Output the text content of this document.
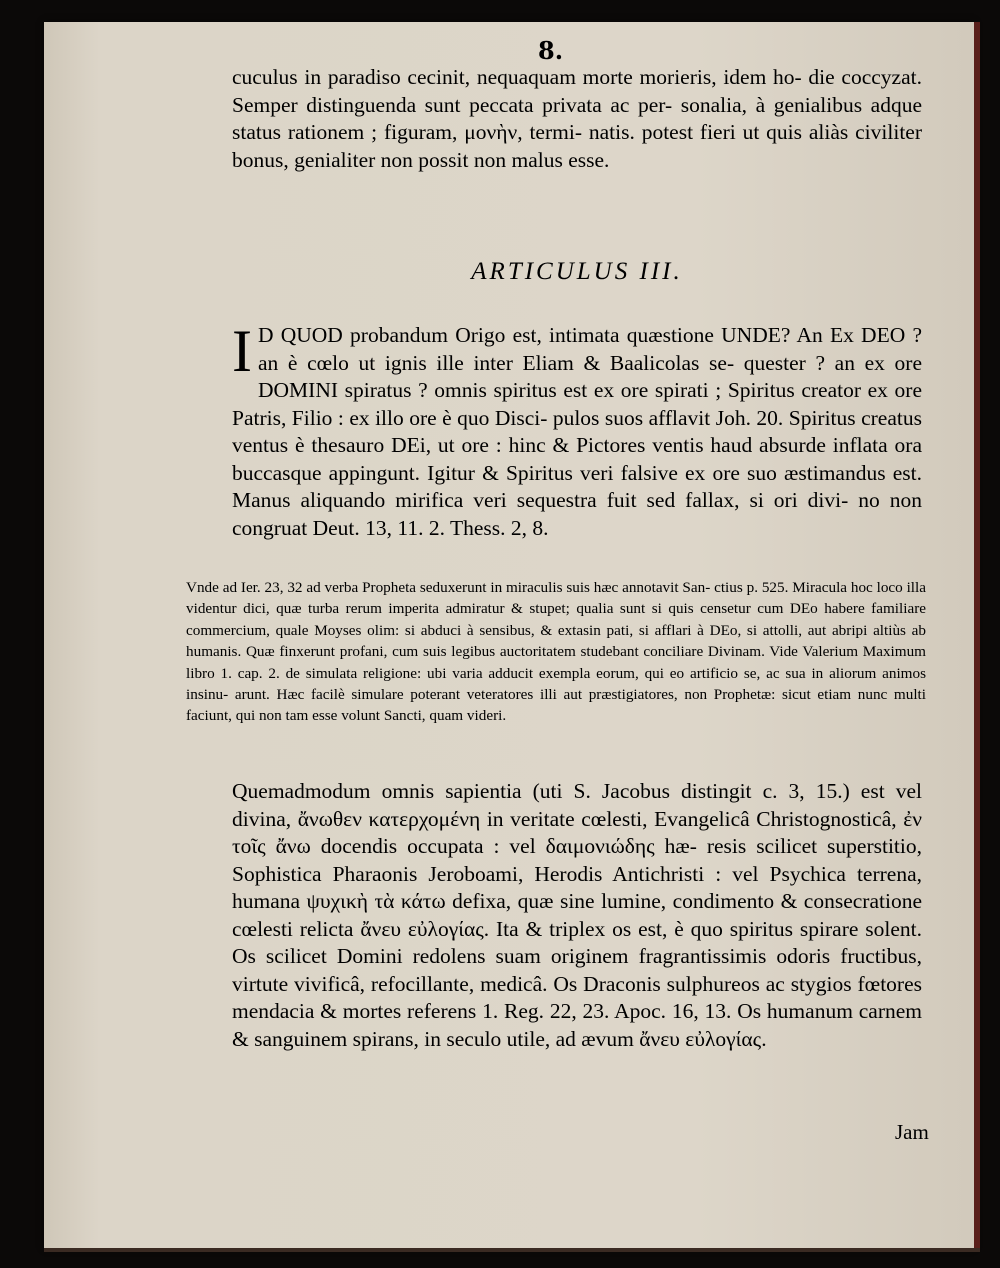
8.

cuculus in paradiso cecinit, nequaquam morte morieris, idem ho- die coccyzat. Semper distinguenda sunt peccata privata ac per- sonalia, à genialibus adque status rationem ; figuram, μονὴν, termi- natis. potest fieri ut quis aliàs civiliter bonus, genialiter non possit non malus esse.

ARTICULUS III.
I D QUOD probandum Origo est, intimata quæstione UNDE? An Ex DEO ? an è cœlo ut ignis ille inter Eliam & Baalicolas se- quester ? an ex ore DOMINI spiratus ? omnis spiritus est ex ore spirati ; Spiritus creator ex ore Patris, Filio : ex illo ore è quo Disci- pulos suos afflavit Joh. 20. Spiritus creatus ventus è thesauro DEi, ut ore : hinc & Pictores ventis haud absurde inflata ora buccasque appingunt. Igitur & Spiritus veri falsive ex ore suo æstimandus est. Manus aliquando mirifica veri sequestra fuit sed fallax, si ori divi- no non congruat Deut. 13, 11. 2. Thess. 2, 8.

Vnde ad Ier. 23, 32 ad verba Propheta seduxerunt in miraculis suis hæc annotavit San- ctius p. 525. Miracula hoc loco illa videntur dici, quæ turba rerum imperita admiratur & stupet; qualia sunt si quis censetur cum DEo habere familiare commercium, quale Moyses olim: si abduci à sensibus, & extasin pati, si afflari à DEo, si attolli, aut abripi altiùs ab humanis. Quæ finxerunt profani, cum suis legibus auctoritatem studebant conciliare Divinam. Vide Valerium Maximum libro 1. cap. 2. de simulata religione: ubi varia adducit exempla eorum, qui eo artificio se, ac sua in aliorum animos insinu- arunt. Hæc facilè simulare poterant veteratores illi aut præstigiatores, non Prophetæ: sicut etiam nunc multi faciunt, qui non tam esse volunt Sancti, quam videri.

Quemadmodum omnis sapientia (uti S. Jacobus distingit c. 3, 15.) est vel divina, ἄνωθεν κατερχομένη in veritate cœlesti, Evangelicâ Christognosticâ, ἐν τοῖς ἄνω docendis occupata : vel δαιμονιώδης hæ- resis scilicet superstitio, Sophistica Pharaonis Jeroboami, Herodis Antichristi : vel Psychica terrena, humana ψυχικὴ τὰ κάτω defixa, quæ sine lumine, condimento & consecratione cœlesti relicta ἄνευ εὐλογίας. Ita & triplex os est, è quo spiritus spirare solent. Os scilicet Domini redolens suam originem fragrantissimis odoris fructibus, virtute vivificâ, refocillante, medicâ. Os Draconis sulphureos ac stygios fœtores mendacia & mortes referens 1. Reg. 22, 23. Apoc. 16, 13. Os humanum carnem & sanguinem spirans, in seculo utile, ad ævum ἄνευ εὐλογίας.

Jam
